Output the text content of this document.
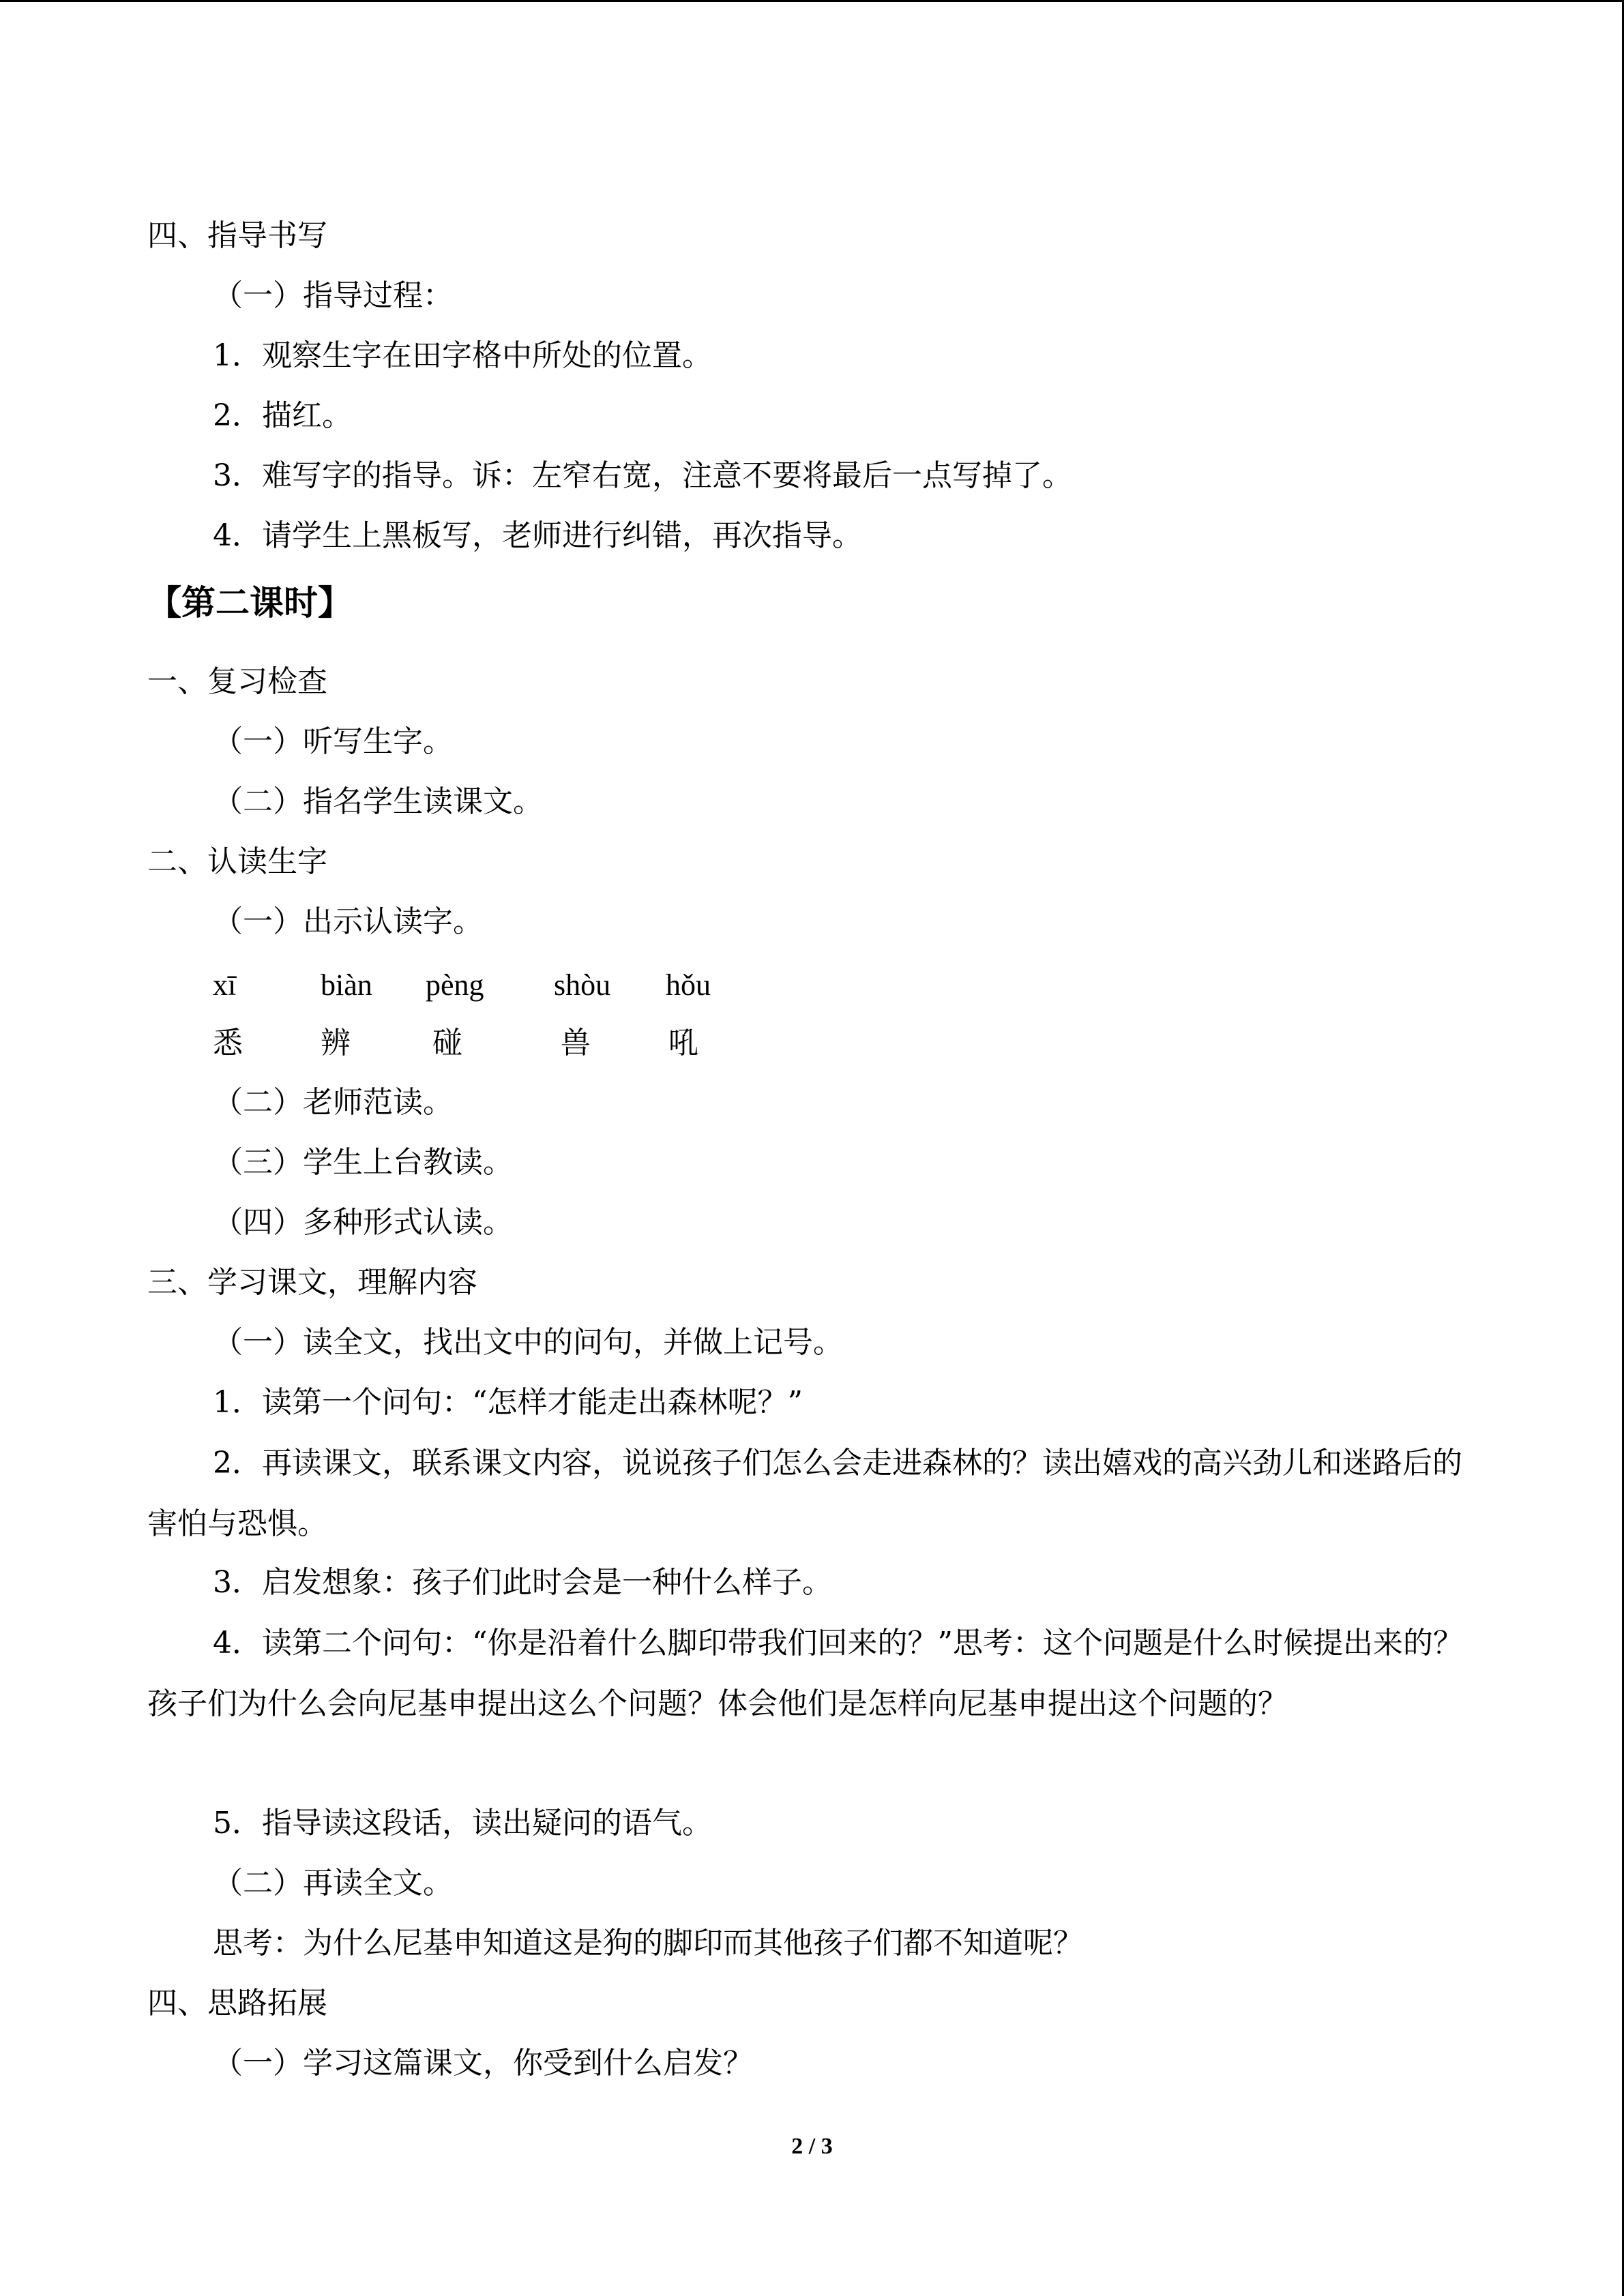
四、指导书写
（一）指导过程：
1．观察生字在田字格中所处的位置。
2．描红。
3．难写字的指导。诉：左窄右宽，注意不要将最后一点写掉了。
4．请学生上黑板写，老师进行纠错，再次指导。
【第二课时】
一、复习检查
（一）听写生字。
（二）指名学生读课文。
二、认读生字
（一）出示认读字。
xī	biàn pèng shòu hǒu
悉	辨	碰	兽	吼
（二）老师范读。
（三）学生上台教读。
（四）多种形式认读。
三、学习课文，理解内容
（一）读全文，找出文中的问句，并做上记号。
1．读第一个问句：“怎样才能走出森林呢？”
2．再读课文，联系课文内容，说说孩子们怎么会走进森林的？读出嬉戏的高兴劲儿和迷路后的害怕与恐惧。
3．启发想象：孩子们此时会是一种什么样子。
4．读第二个问句：“你是沿着什么脚印带我们回来的？”思考：这个问题是什么时候提出来的？孩子们为什么会向尼基申提出这么个问题？体会他们是怎样向尼基申提出这个问题的？
5．指导读这段话，读出疑问的语气。
（二）再读全文。
思考：为什么尼基申知道这是狗的脚印而其他孩子们都不知道呢？
四、思路拓展
（一）学习这篇课文，你受到什么启发？
2 / 3
